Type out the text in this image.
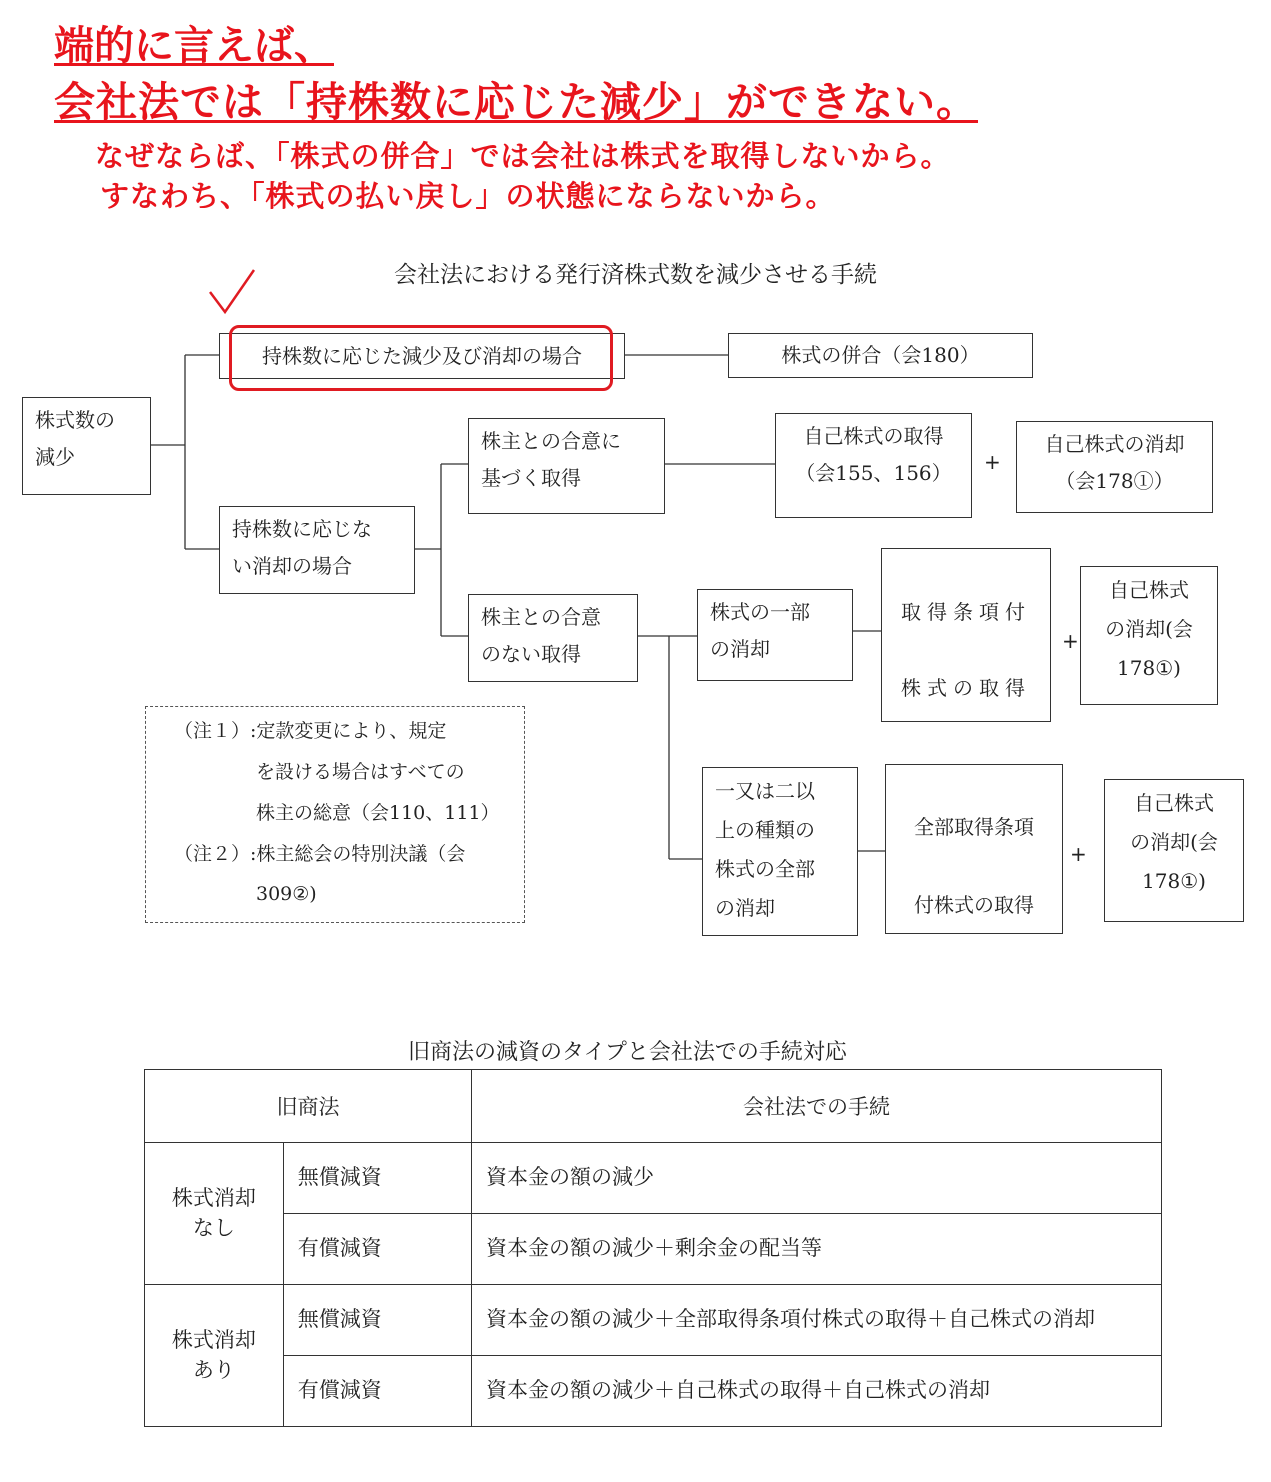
端的に言えば、
会社法では「持株数に応じた減少」ができない。
なぜならば、「株式の併合」では会社は株式を取得しないから。
すなわち、「株式の払い戻し」の状態にならないから。
会社法における発行済株式数を減少させる手続
株式数の
減少
持株数に応じた減少及び消却の場合	株式の併合（会180）
持株数に応じな
い消却の場合
株主との合意に
基づく取得
自己株式の取得
（会155、156）	+
自己株式の消却
（会178①）
株主との合意
のない取得
株式の一部
の消却

取得条項付

株式の取得

+
自己株式
の消却(会
178①)
一又は二以
上の種類の
株式の全部
の消却

全部取得条項

付株式の取得

+
自己株式
の消却(会
178①)
（注１）:定款変更により、規定
を設ける場合はすべての
株主の総意（会110、111）
（注２）:株主総会の特別決議（会
309②)
旧商法の減資のタイプと会社法での手続対応
旧商法		会社法での手続
株式消却
なし	無償減資	資本金の額の減少
	有償減資	資本金の額の減少＋剰余金の配当等
株式消却
あり	無償減資	資本金の額の減少＋全部取得条項付株式の取得＋自己株式の消却
	有償減資	資本金の額の減少＋自己株式の取得＋自己株式の消却
